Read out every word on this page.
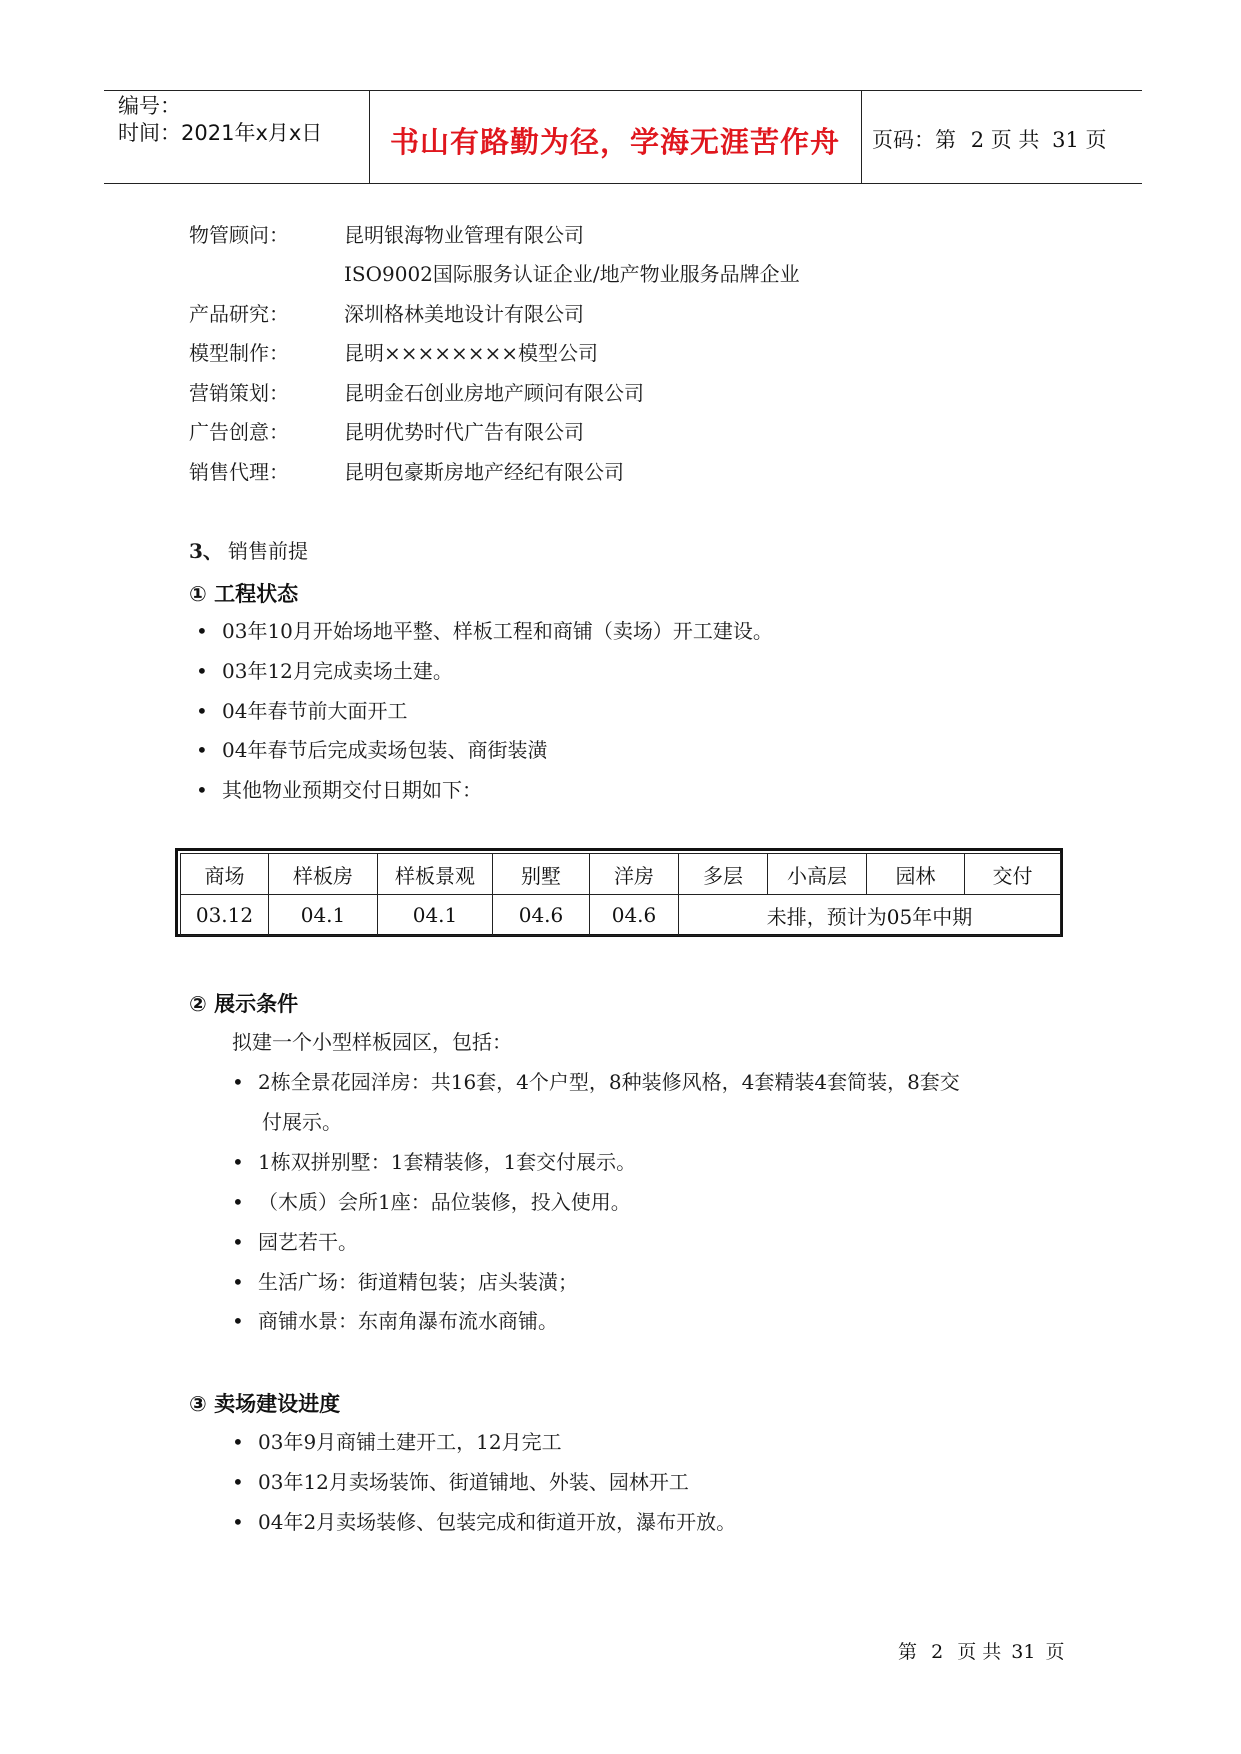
编号：
时间：2021年x月x日	书山有路勤为径，学海无涯苦作舟	页码：第 2 页 共 31 页
物管顾问：	昆明银海物业管理有限公司
ISO9002国际服务认证企业/地产物业服务品牌企业
产品研究：	深圳格林美地设计有限公司
模型制作：	昆明××××××××模型公司
营销策划：	昆明金石创业房地产顾问有限公司
广告创意：	昆明优势时代广告有限公司
销售代理：	昆明包豪斯房地产经纪有限公司
3、 销售前提
① 工程状态
• 03年10月开始场地平整、样板工程和商铺（卖场）开工建设。
• 03年12月完成卖场土建。
• 04年春节前大面开工
• 04年春节后完成卖场包装、商街装潢
• 其他物业预期交付日期如下：
商场	样板房	样板景观	别墅	洋房	多层	小高层	园林	交付
03.12	04.1	04.1	04.6	04.6	未排，预计为05年中期			
② 展示条件
拟建一个小型样板园区，包括：
• 2栋全景花园洋房：共16套，4个户型，8种装修风格，4套精装4套简装，8套交
付展示。
• 1栋双拼别墅：1套精装修，1套交付展示。
• （木质）会所1座：品位装修，投入使用。
• 园艺若干。
• 生活广场：街道精包装；店头装潢；
• 商铺水景：东南角瀑布流水商铺。
③ 卖场建设进度
• 03年9月商铺土建开工，12月完工
• 03年12月卖场装饰、街道铺地、外装、园林开工
• 04年2月卖场装修、包装完成和街道开放，瀑布开放。
第 2 页 共 31 页
